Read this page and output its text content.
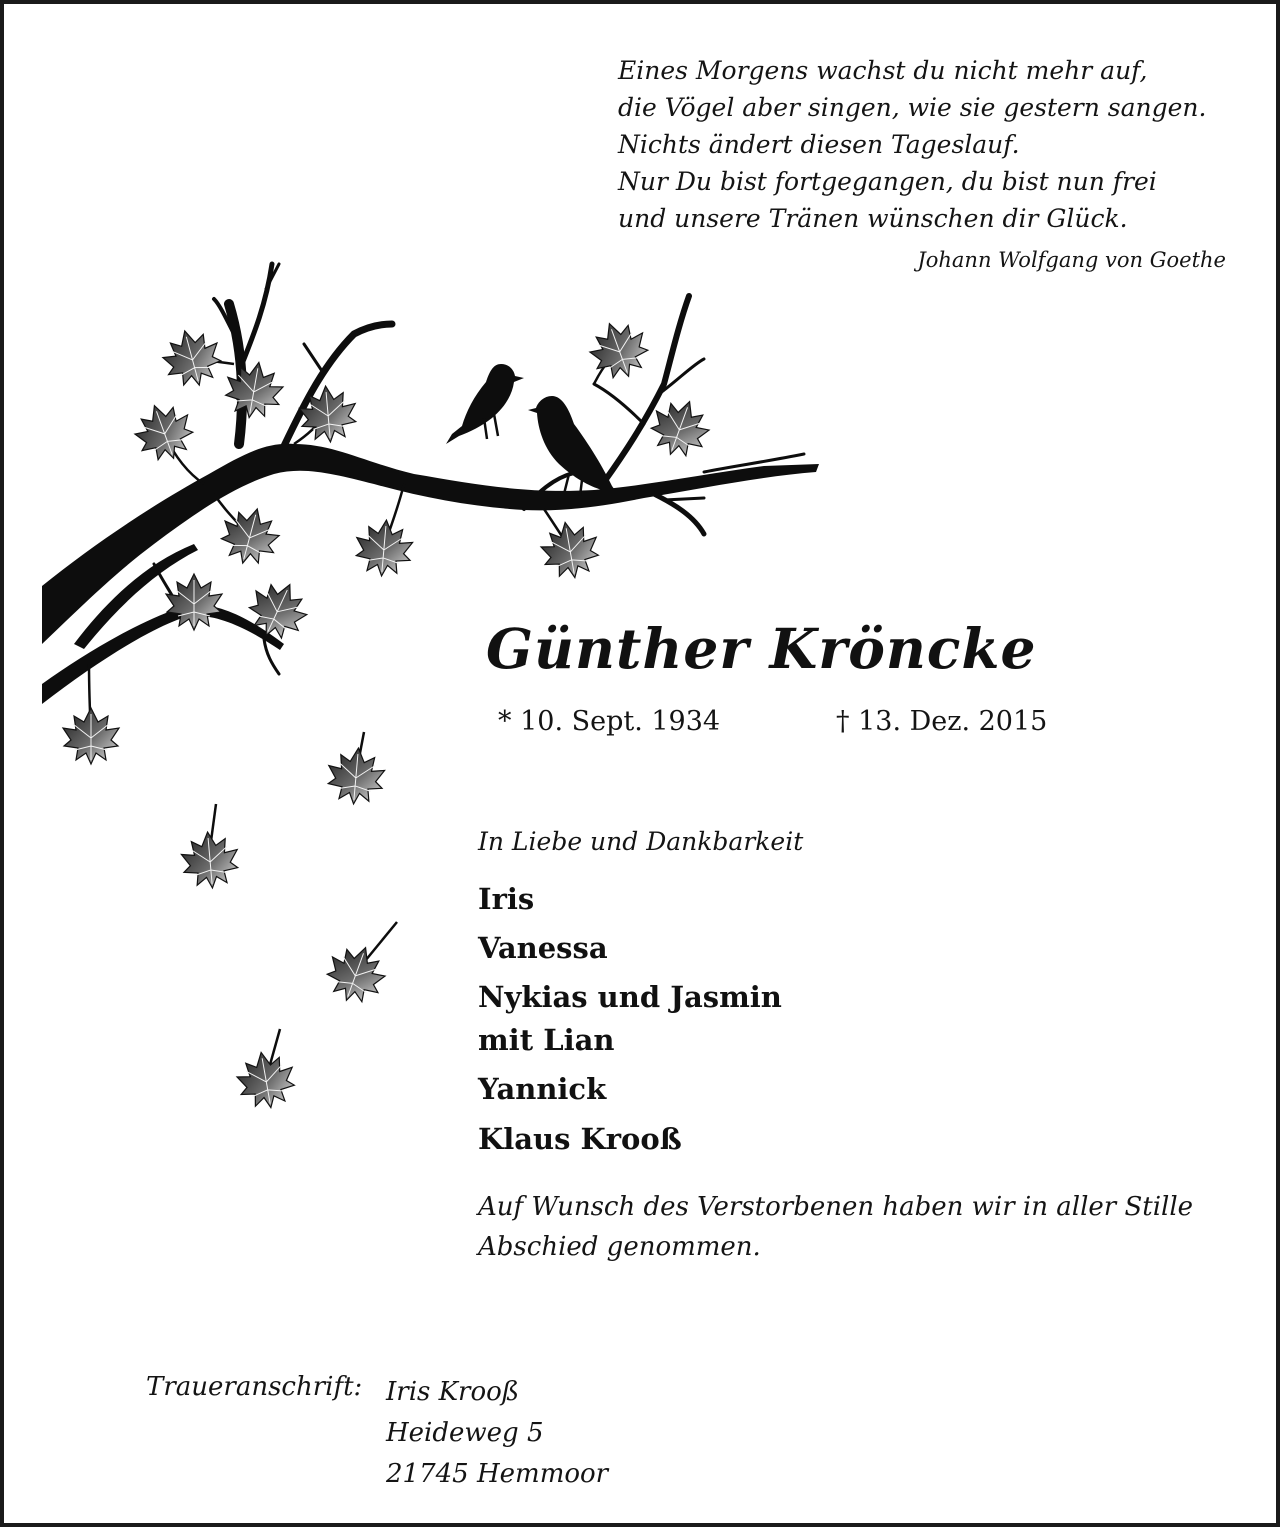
Eines Morgens wachst du nicht mehr auf,
die Vögel aber singen, wie sie gestern sangen.
Nichts ändert diesen Tageslauf.
Nur Du bist fortgegangen, du bist nun frei
und unsere Tränen wünschen dir Glück.
Johann Wolfgang von Goethe
Günther Kröncke
* 10. Sept. 1934	† 13. Dez. 2015
In Liebe und Dankbarkeit
Iris
Vanessa
Nykias und Jasmin
mit Lian
Yannick
Klaus Krooß
Auf Wunsch des Verstorbenen haben wir in aller Stille
Abschied genommen.
Traueranschrift: Iris Krooß
Heideweg 5
21745 Hemmoor
